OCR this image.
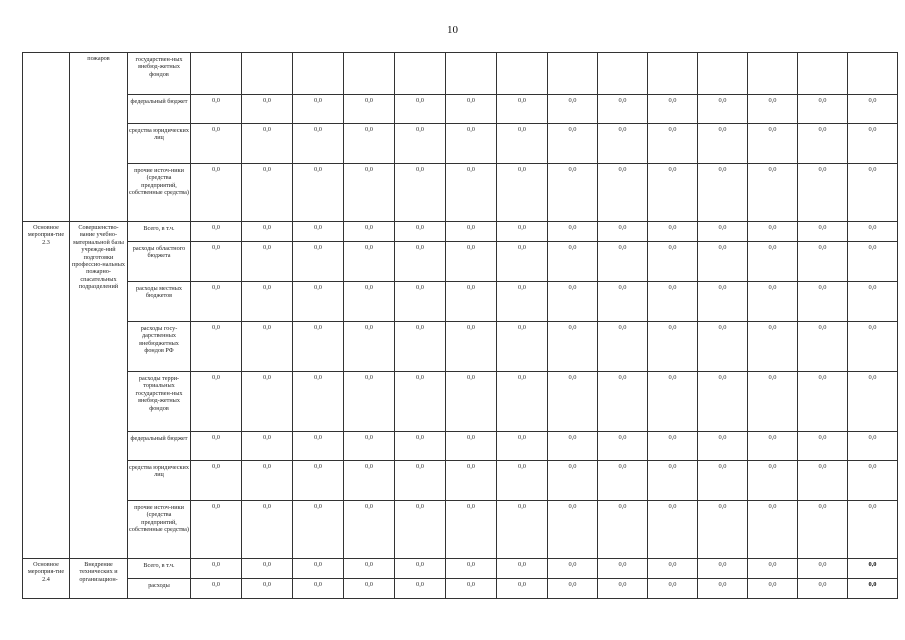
10
	пожаров	государствен-ных внебюд-жетных фондов														
		федеральный бюджет	0,0	0,0	0,0	0,0	0,0	0,0	0,0	0,0	0,0	0,0	0,0	0,0	0,0	0,0
		средства юридических лиц	0,0	0,0	0,0	0,0	0,0	0,0	0,0	0,0	0,0	0,0	0,0	0,0	0,0	0,0
		прочие источ-ники (средства предприятий, собственные средства)	0,0	0,0	0,0	0,0	0,0	0,0	0,0	0,0	0,0	0,0	0,0	0,0	0,0	0,0
Основное мероприя-тие 2.3	Совершенство-вание учебно-материальной базы учрежде-ний подготовки профессио-нальных пожарно-спасательных подразделений	Всего, в т.ч.	0,0	0,0	0,0	0,0	0,0	0,0	0,0	0,0	0,0	0,0	0,0	0,0	0,0	0,0
		расходы областного бюджета	0,0	0,0	0,0	0,0	0,0	0,0	0,0	0,0	0,0	0,0	0,0	0,0	0,0	0,0
		расходы местных бюджетов	0,0	0,0	0,0	0,0	0,0	0,0	0,0	0,0	0,0	0,0	0,0	0,0	0,0	0,0
		расходы госу-дарственных внебюджетных фондов РФ	0,0	0,0	0,0	0,0	0,0	0,0	0,0	0,0	0,0	0,0	0,0	0,0	0,0	0,0
		расходы терри-ториальных государствен-ных внебюд-жетных фондов	0,0	0,0	0,0	0,0	0,0	0,0	0,0	0,0	0,0	0,0	0,0	0,0	0,0	0,0
		федеральный бюджет	0,0	0,0	0,0	0,0	0,0	0,0	0,0	0,0	0,0	0,0	0,0	0,0	0,0	0,0
		средства юридических лиц	0,0	0,0	0,0	0,0	0,0	0,0	0,0	0,0	0,0	0,0	0,0	0,0	0,0	0,0
		прочие источ-ники (средства предприятий, собственные средства)	0,0	0,0	0,0	0,0	0,0	0,0	0,0	0,0	0,0	0,0	0,0	0,0	0,0	0,0
Основное мероприя-тие 2.4	Внедрение технических и организацион-	Всего, в т.ч.	0,0	0,0	0,0	0,0	0,0	0,0	0,0	0,0	0,0	0,0	0,0	0,0	0,0	0,0
		расходы	0,0	0,0	0,0	0,0	0,0	0,0	0,0	0,0	0,0	0,0	0,0	0,0	0,0	0,0
